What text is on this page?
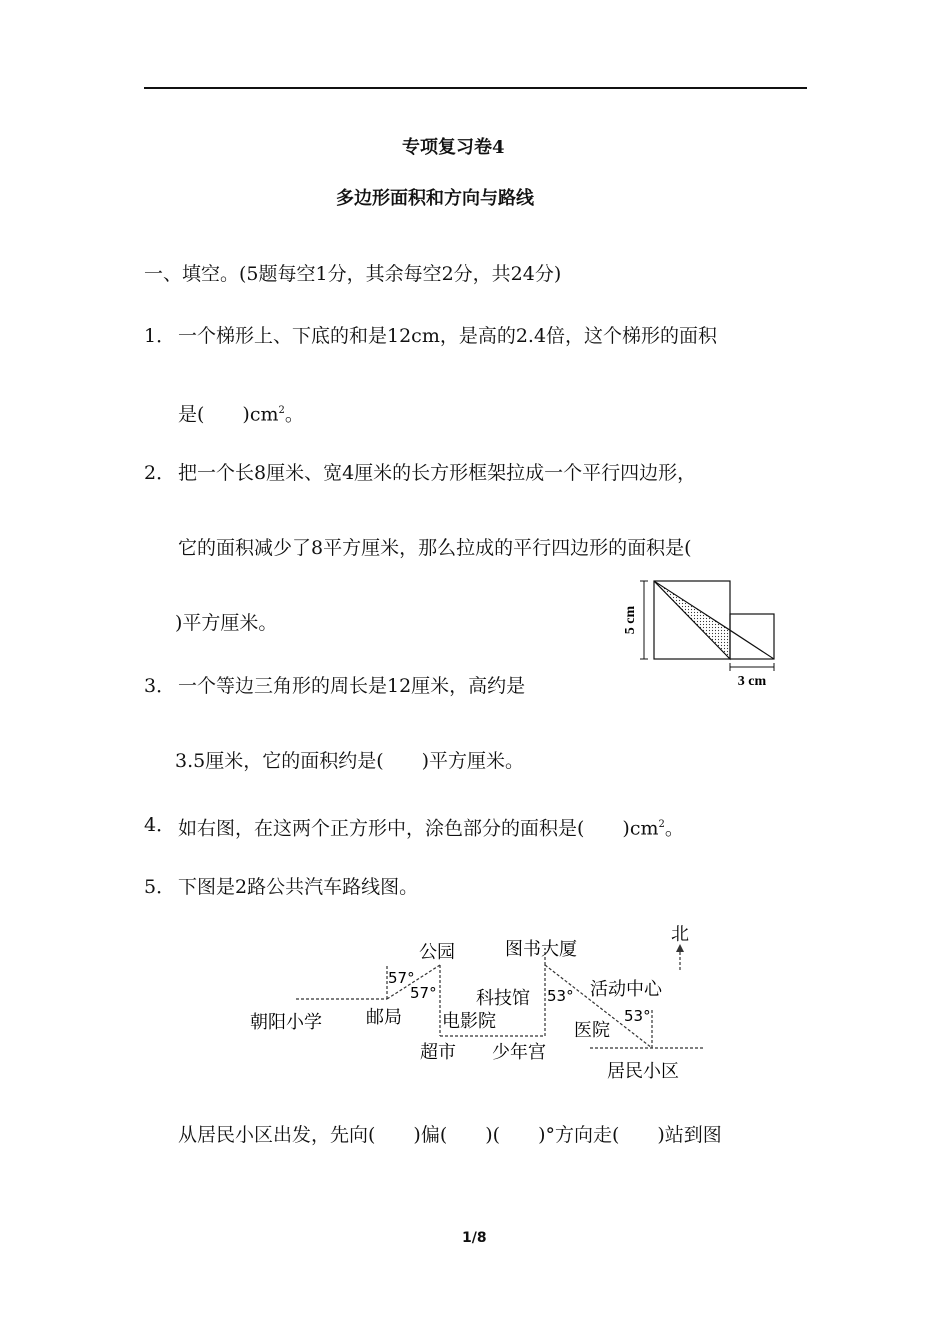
专项复习卷4
多边形面积和方向与路线
一、填空。(5题每空1分，其余每空2分，共24分)
1． 一个梯形上、下底的和是12cm，是高的2.4倍，这个梯形的面积
是(　　)$cm^2$。
2． 把一个长8厘米、宽4厘米的长方形框架拉成一个平行四边形，
它的面积减少了8平方厘米，那么拉成的平行四边形的面积是(
)平方厘米。	5 cm
3 cm
3． 一个等边三角形的周长是12厘米，高约是
3.5厘米，它的面积约是(　　)平方厘米。
4． 如右图，在这两个正方形中，涂色部分的面积是(　　)$cm^2$。
5． 下图是2路公共汽车路线图。
北
朝阳小学 邮局
公园
超市
电影院
少年宫
科技馆
图书大厦
活动中心
医院
居民小区
57°
57°	53°
53°
从居民小区出发，先向(　　)偏(　　)(　　)°方向走(　　)站到图
1/8
